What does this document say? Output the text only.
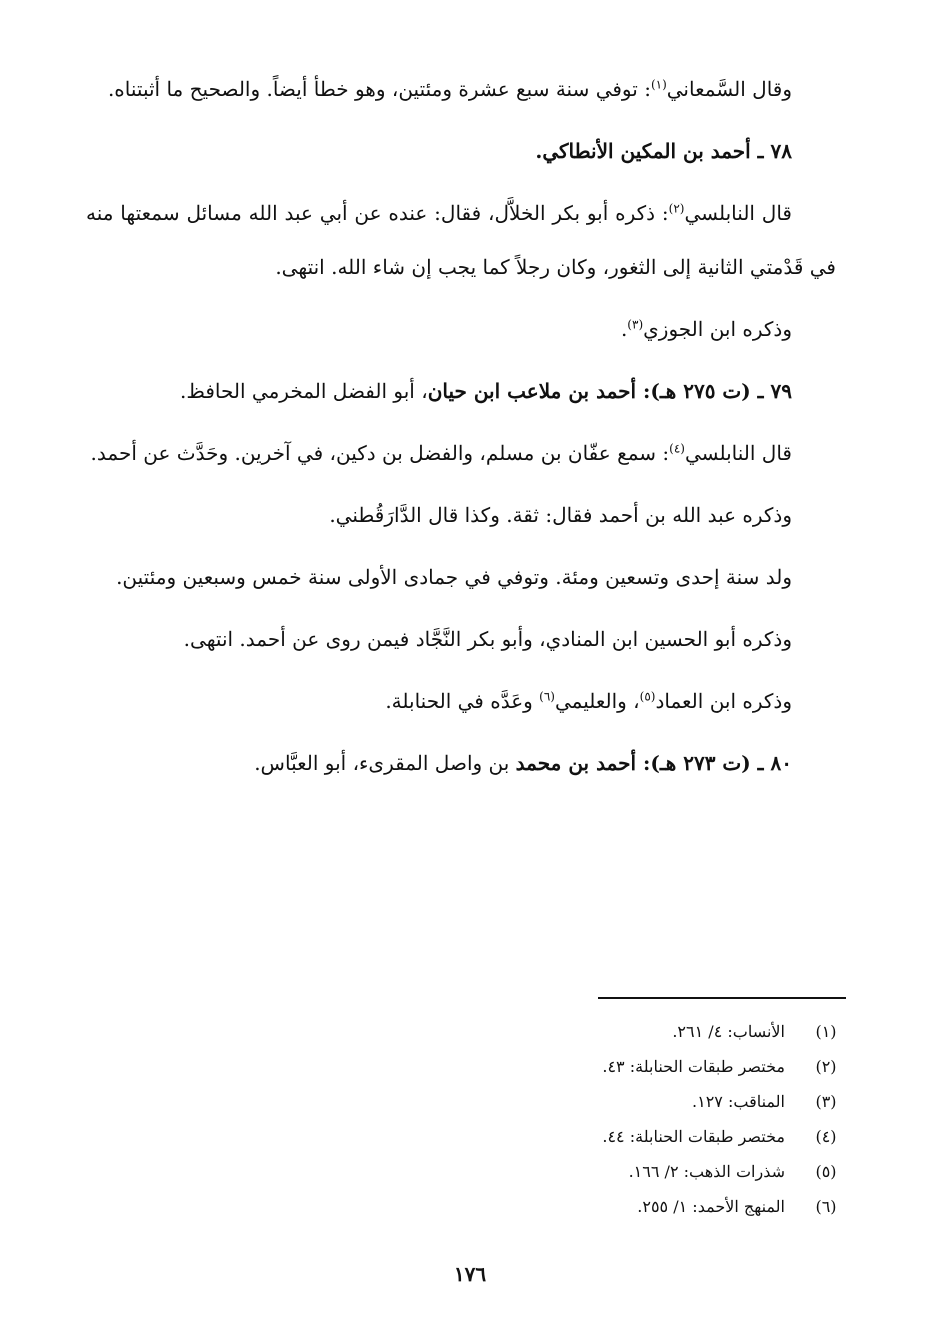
وقال السَّمعاني$^{(١)}$: توفي سنة سبع عشرة ومئتين، وهو خطأ أيضاً. والصحيح ما أثبتناه.

٧٨ ـ أحمد بن المكين الأنطاكي.

قال النابلسي$^{(٢)}$: ذكره أبو بكر الخلاَّل، فقال: عنده عن أبي عبد الله مسائل سمعتها منه في قَدْمتي الثانية إلى الثغور، وكان رجلاً كما يجب إن شاء الله. انتهى.

وذكره ابن الجوزي$^{(٣)}$.

٧٩ ـ (ت ٢٧٥ هـ): أحمد بن ملاعب ابن حيان، أبو الفضل المخرمي الحافظ.

قال النابلسي$^{(٤)}$: سمع عفّان بن مسلم، والفضل بن دكين، في آخرين. وحَدَّث عن أحمد.

وذكره عبد الله بن أحمد فقال: ثقة. وكذا قال الدَّارَقُطني.

ولد سنة إحدى وتسعين ومئة. وتوفي في جمادى الأولى سنة خمس وسبعين ومئتين.

وذكره أبو الحسين ابن المنادي، وأبو بكر النَّجَّاد فيمن روى عن أحمد. انتهى.

وذكره ابن العماد$^{(٥)}$، والعليمي$^{(٦)}$ وعَدَّه في الحنابلة.

٨٠ ـ (ت ٢٧٣ هـ): أحمد بن محمد بن واصل المقرىء، أبو العبَّاس.

(١)
الأنساب: ٤/ ٢٦١.
(٢)
مختصر طبقات الحنابلة: ٤٣.
(٣)
المناقب: ١٢٧.
(٤)
مختصر طبقات الحنابلة: ٤٤.
(٥)
شذرات الذهب: ٢/ ١٦٦.
(٦)
المنهج الأحمد: ١/ ٢٥٥.
١٧٦
